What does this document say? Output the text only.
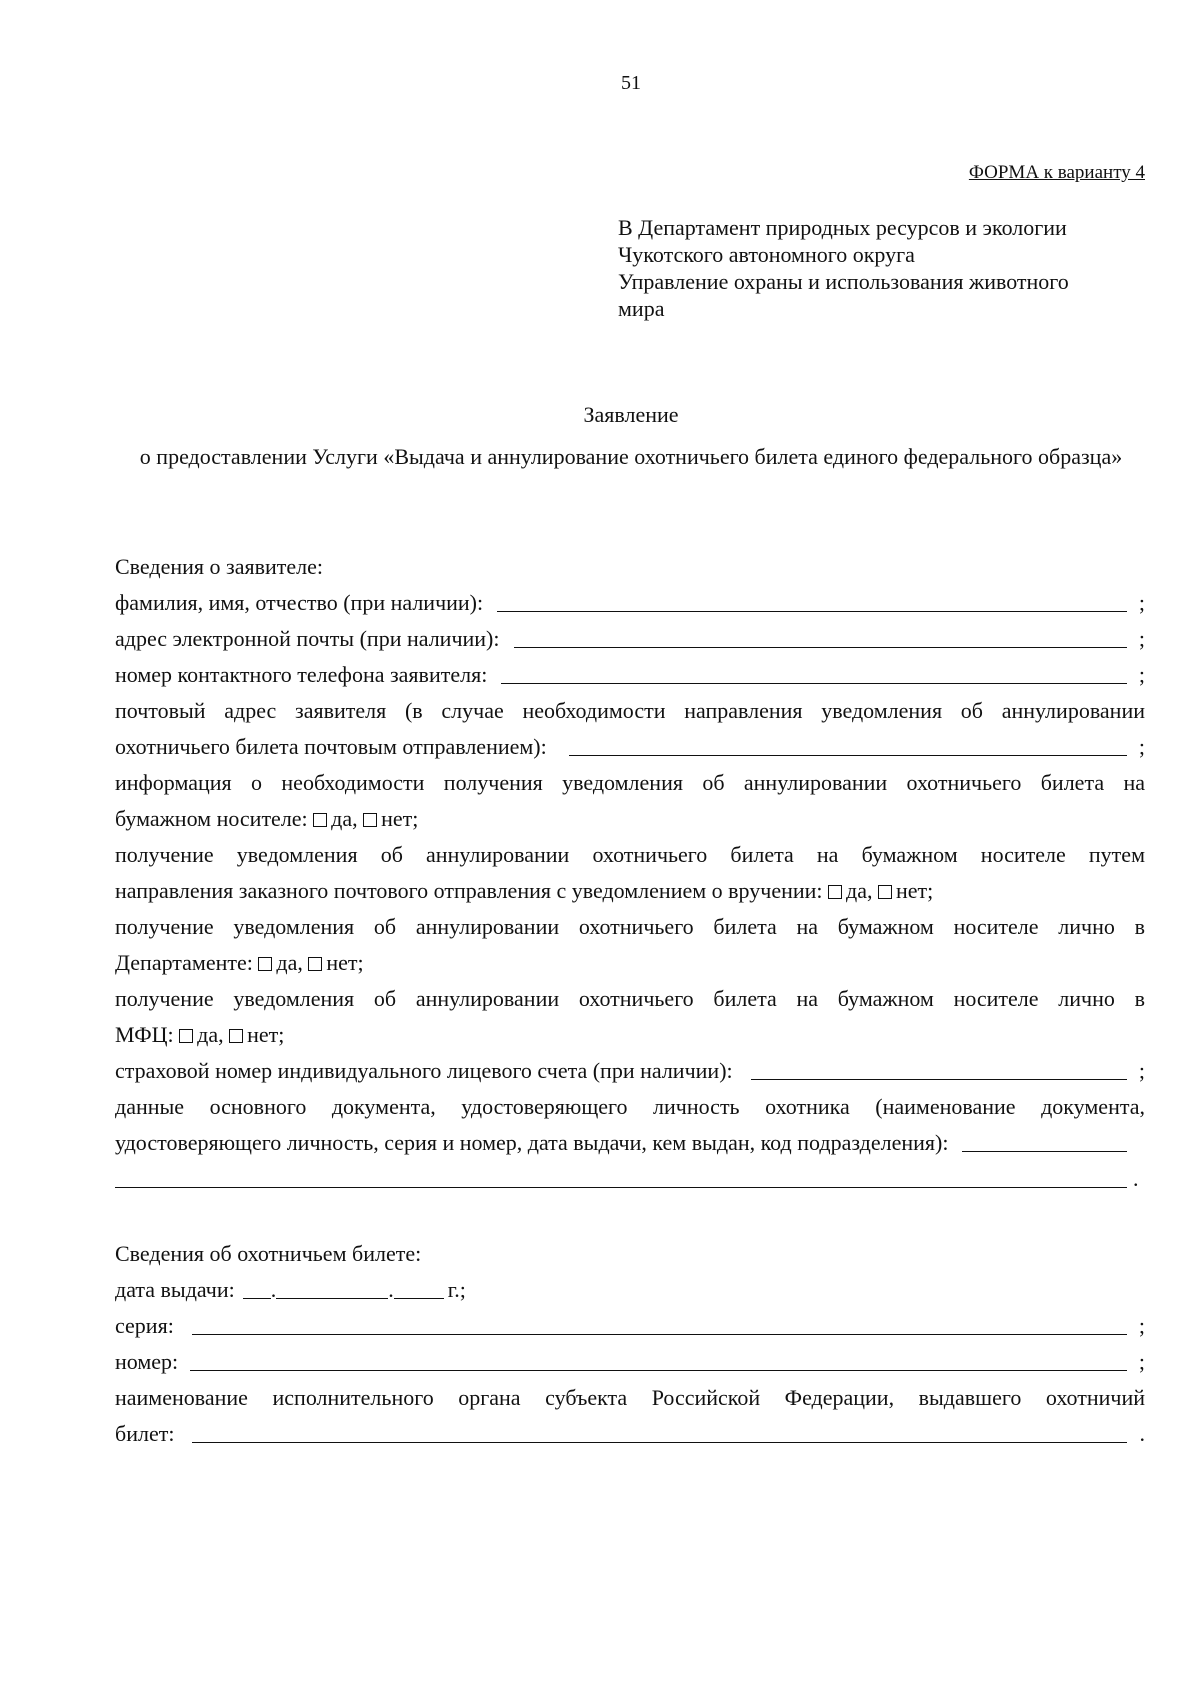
51
ФОРМА к варианту 4
В Департамент природных ресурсов и экологии
Чукотского автономного округа
Управление охраны и использования животного
мира
Заявление
о предоставлении Услуги «Выдача и аннулирование охотничьего билета единого федерального образца»
Сведения о заявителе:
фамилия, имя, отчество (при наличии):	;
адрес электронной почты (при наличии):	;
номер контактного телефона заявителя:	;
почтовый адрес заявителя (в случае необходимости направления уведомления об аннулировании
охотничьего билета почтовым отправлением):	;
информация о необходимости получения уведомления об аннулировании охотничьего билета на
бумажном носителе: да, нет;
получение уведомления об аннулировании охотничьего билета на бумажном носителе путем
направления заказного почтового отправления с уведомлением о вручении: да, нет;
получение уведомления об аннулировании охотничьего билета на бумажном носителе лично в
Департаменте: да, нет;
получение уведомления об аннулировании охотничьего билета на бумажном носителе лично в
МФЦ: да, нет;
страховой номер индивидуального лицевого счета (при наличии):	;
данные основного документа, удостоверяющего личность охотника (наименование документа,
удостоверяющего личность, серия и номер, дата выдачи, кем выдан, код подразделения):
.
Сведения об охотничьем билете:
дата выдачи: .	. г.;
серия:	;
номер:	;
наименование исполнительного органа субъекта Российской Федерации, выдавшего охотничий
билет:	.
